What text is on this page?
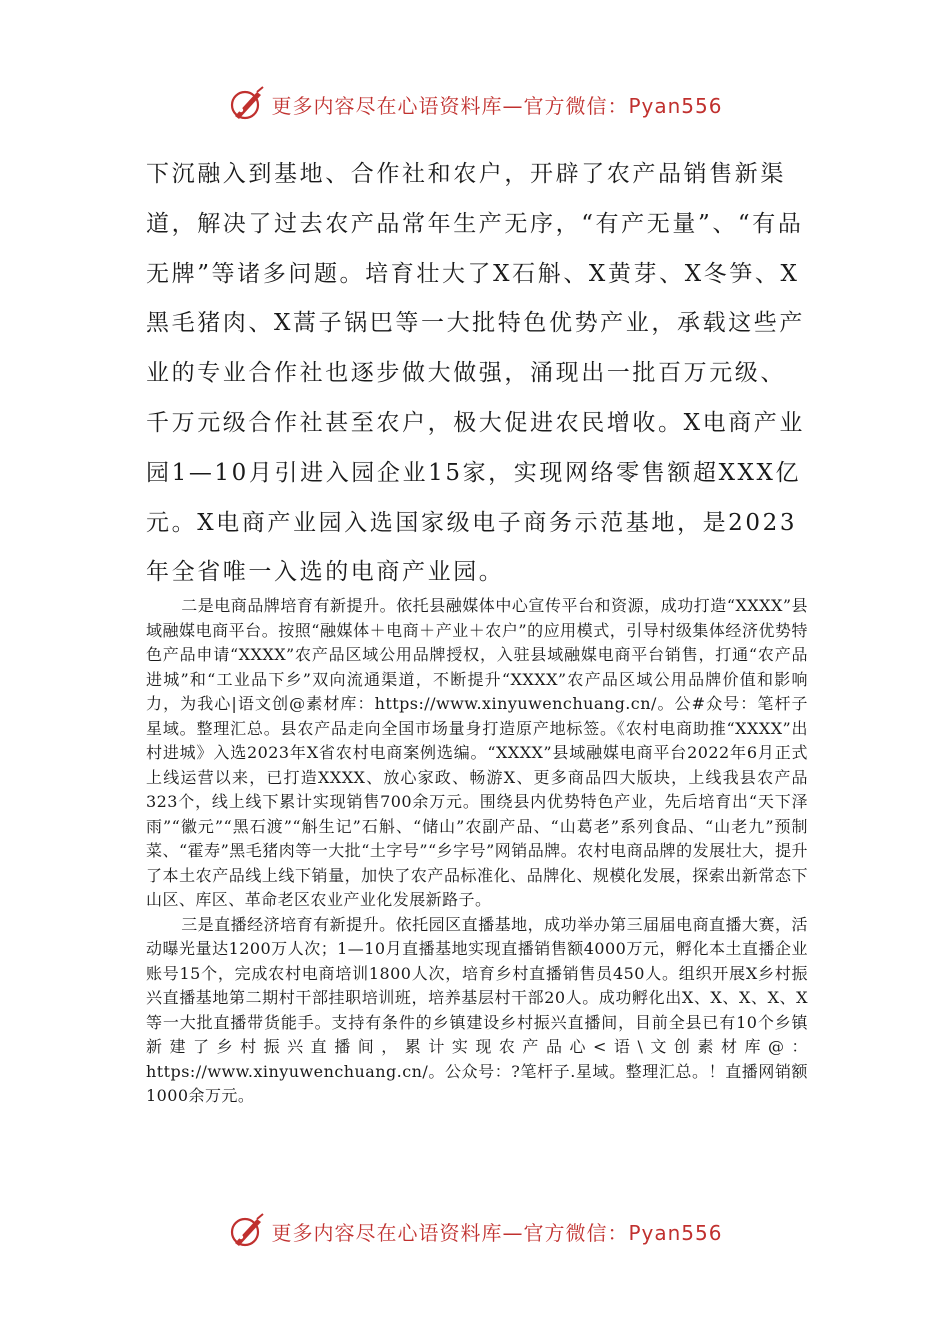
更多内容尽在心语资料库—官方微信：Pyan556

下沉融入到基地、合作社和农户，开辟了农产品销售新渠道，解决了过去农产品常年生产无序，“有产无量”、“有品无牌”等诸多问题。培育壮大了X石斛、X黄芽、X冬笋、X黑毛猪肉、X蒿子锅巴等一大批特色优势产业，承载这些产业的专业合作社也逐步做大做强，涌现出一批百万元级、千万元级合作社甚至农户，极大促进农民增收。X电商产业园1—10月引进入园企业15家，实现网络零售额超XXX亿元。X电商产业园入选国家级电子商务示范基地，是2023年全省唯一入选的电商产业园。

二是电商品牌培育有新提升。依托县融媒体中心宣传平台和资源，成功打造“XXXX”县域融媒电商平台。按照“融媒体＋电商＋产业＋农户”的应用模式，引导村级集体经济优势特色产品申请“XXXX”农产品区域公用品牌授权，入驻县域融媒电商平台销售，打通“农产品进城”和“工业品下乡”双向流通渠道，不断提升“XXXX”农产品区域公用品牌价值和影响力，为我心|语文创@素材库：https://www.xinyuwenchuang.cn/。公#众号：笔杆子星域。整理汇总。县农产品走向全国市场量身打造原产地标签。《农村电商助推“XXXX”出村进城》入选2023年X省农村电商案例选编。“XXXX”县域融媒电商平台2022年6月正式上线运营以来，已打造XXXX、放心家政、畅游X、更多商品四大版块，上线我县农产品323个，线上线下累计实现销售700余万元。围绕县内优势特色产业，先后培育出“天下泽雨”“徽元”“黑石渡”“斛生记”石斛、“储山”农副产品、“山葛老”系列食品、“山老九”预制菜、“霍寿”黑毛猪肉等一大批“土字号”“乡字号”网销品牌。农村电商品牌的发展壮大，提升了本土农产品线上线下销量，加快了农产品标准化、品牌化、规模化发展，探索出新常态下山区、库区、革命老区农业产业化发展新路子。

三是直播经济培育有新提升。依托园区直播基地，成功举办第三届届电商直播大赛，活动曝光量达1200万人次；1—10月直播基地实现直播销售额4000万元，孵化本土直播企业账号15个，完成农村电商培训1800人次，培育乡村直播销售员450人。组织开展X乡村振兴直播基地第二期村干部挂职培训班，培养基层村干部20人。成功孵化出X、X、X、X、X等一大批直播带货能手。支持有条件的乡镇建设乡村振兴直播间，目前全县已有10个乡镇新建了乡村振兴直播间，累计实现农产品心<语\文创素材库@：https://www.xinyuwenchuang.cn/。公众号：?笔杆子.星域。整理汇总。！直播网销额1000余万元。

更多内容尽在心语资料库—官方微信：Pyan556
